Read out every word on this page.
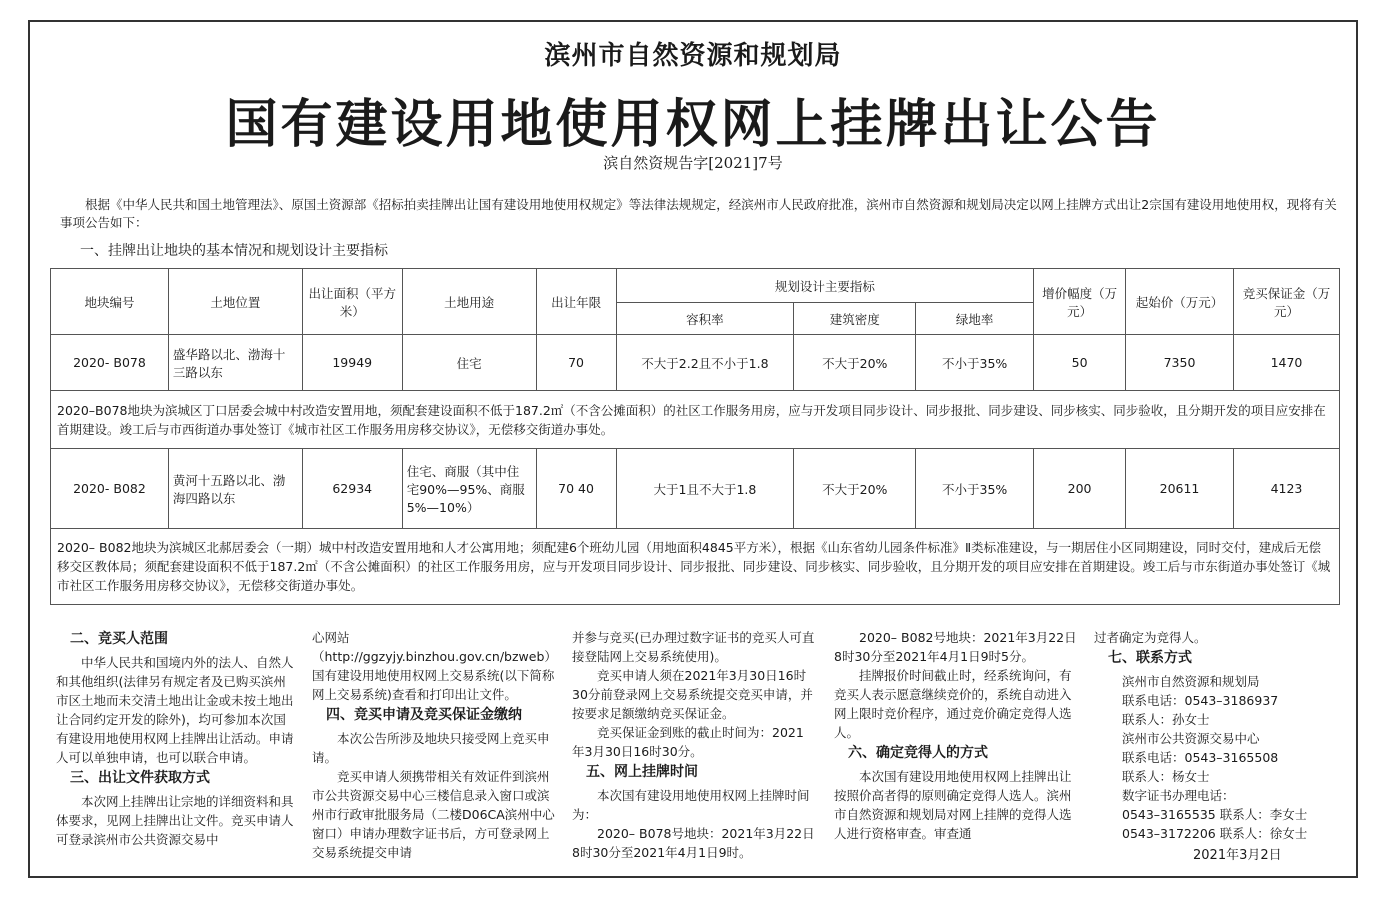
滨州市自然资源和规划局
国有建设用地使用权网上挂牌出让公告
滨自然资规告字[2021]7号
根据《中华人民共和国土地管理法》、原国土资源部《招标拍卖挂牌出让国有建设用地使用权规定》等法律法规规定，经滨州市人民政府批准，滨州市自然资源和规划局决定以网上挂牌方式出让2宗国有建设用地使用权，现将有关事项公告如下：
一、挂牌出让地块的基本情况和规划设计主要指标
地块编号	土地位置	出让面积（平方米）	土地用途	出让年限	规划设计主要指标			增价幅度（万元）	起始价（万元）	竞买保证金（万元）
					容积率	建筑密度	绿地率			
2020- B078	盛华路以北、渤海十三路以东	19949	住宅	70	不大于2.2且不小于1.8	不大于20%	不小于35%	50	7350	1470
2020–B078地块为滨城区丁口居委会城中村改造安置用地，须配套建设面积不低于187.2㎡（不含公摊面积）的社区工作服务用房，应与开发项目同步设计、同步报批、同步建设、同步核实、同步验收，且分期开发的项目应安排在首期建设。竣工后与市西街道办事处签订《城市社区工作服务用房移交协议》，无偿移交街道办事处。										
2020- B082	黄河十五路以北、渤海四路以东	62934	住宅、商服（其中住宅90%—95%、商服5%—10%）	70 40	大于1且不大于1.8	不大于20%	不小于35%	200	20611	4123
2020– B082地块为滨城区北郝居委会（一期）城中村改造安置用地和人才公寓用地；须配建6个班幼儿园（用地面积4845平方米），根据《山东省幼儿园条件标准》Ⅱ类标准建设，与一期居住小区同期建设，同时交付，建成后无偿移交区教体局；须配套建设面积不低于187.2㎡（不含公摊面积）的社区工作服务用房，应与开发项目同步设计、同步报批、同步建设、同步核实、同步验收，且分期开发的项目应安排在首期建设。竣工后与市东街道办事处签订《城市社区工作服务用房移交协议》，无偿移交街道办事处。										
二、竞买人范围

中华人民共和国境内外的法人、自然人和其他组织(法律另有规定者及已购买滨州市区土地而未交清土地出让金或未按土地出让合同约定开发的除外)，均可参加本次国有建设用地使用权网上挂牌出让活动。申请人可以单独申请，也可以联合申请。

三、出让文件获取方式

本次网上挂牌出让宗地的详细资料和具体要求，见网上挂牌出让文件。竞买申请人可登录滨州市公共资源交易中

心网站（http://ggzyjy.binzhou.gov.cn/bzweb）国有建设用地使用权网上交易系统(以下简称网上交易系统)查看和打印出让文件。

四、竞买申请及竞买保证金缴纳

本次公告所涉及地块只接受网上竞买申请。

竞买申请人须携带相关有效证件到滨州市公共资源交易中心三楼信息录入窗口或滨州市行政审批服务局（二楼D06CA滨州中心窗口）申请办理数字证书后，方可登录网上交易系统提交申请

并参与竞买(已办理过数字证书的竞买人可直接登陆网上交易系统使用)。

竞买申请人须在2021年3月30日16时30分前登录网上交易系统提交竞买申请，并按要求足额缴纳竞买保证金。

竞买保证金到账的截止时间为：2021年3月30日16时30分。

五、网上挂牌时间

本次国有建设用地使用权网上挂牌时间为：

2020– B078号地块：2021年3月22日8时30分至2021年4月1日9时。

2020– B082号地块：2021年3月22日8时30分至2021年4月1日9时5分。

挂牌报价时间截止时，经系统询问，有竞买人表示愿意继续竞价的，系统自动进入网上限时竞价程序，通过竞价确定竞得人选人。

六、确定竞得人的方式

本次国有建设用地使用权网上挂牌出让按照价高者得的原则确定竞得人选人。滨州市自然资源和规划局对网上挂牌的竞得人选人进行资格审查。审查通

过者确定为竞得人。

七、联系方式

滨州市自然资源和规划局

联系电话：0543–3186937

联系人：孙女士

滨州市公共资源交易中心

联系电话：0543–3165508

联系人：杨女士

数字证书办理电话：

0543–3165535 联系人：李女士

0543–3172206 联系人：徐女士

2021年3月2日
